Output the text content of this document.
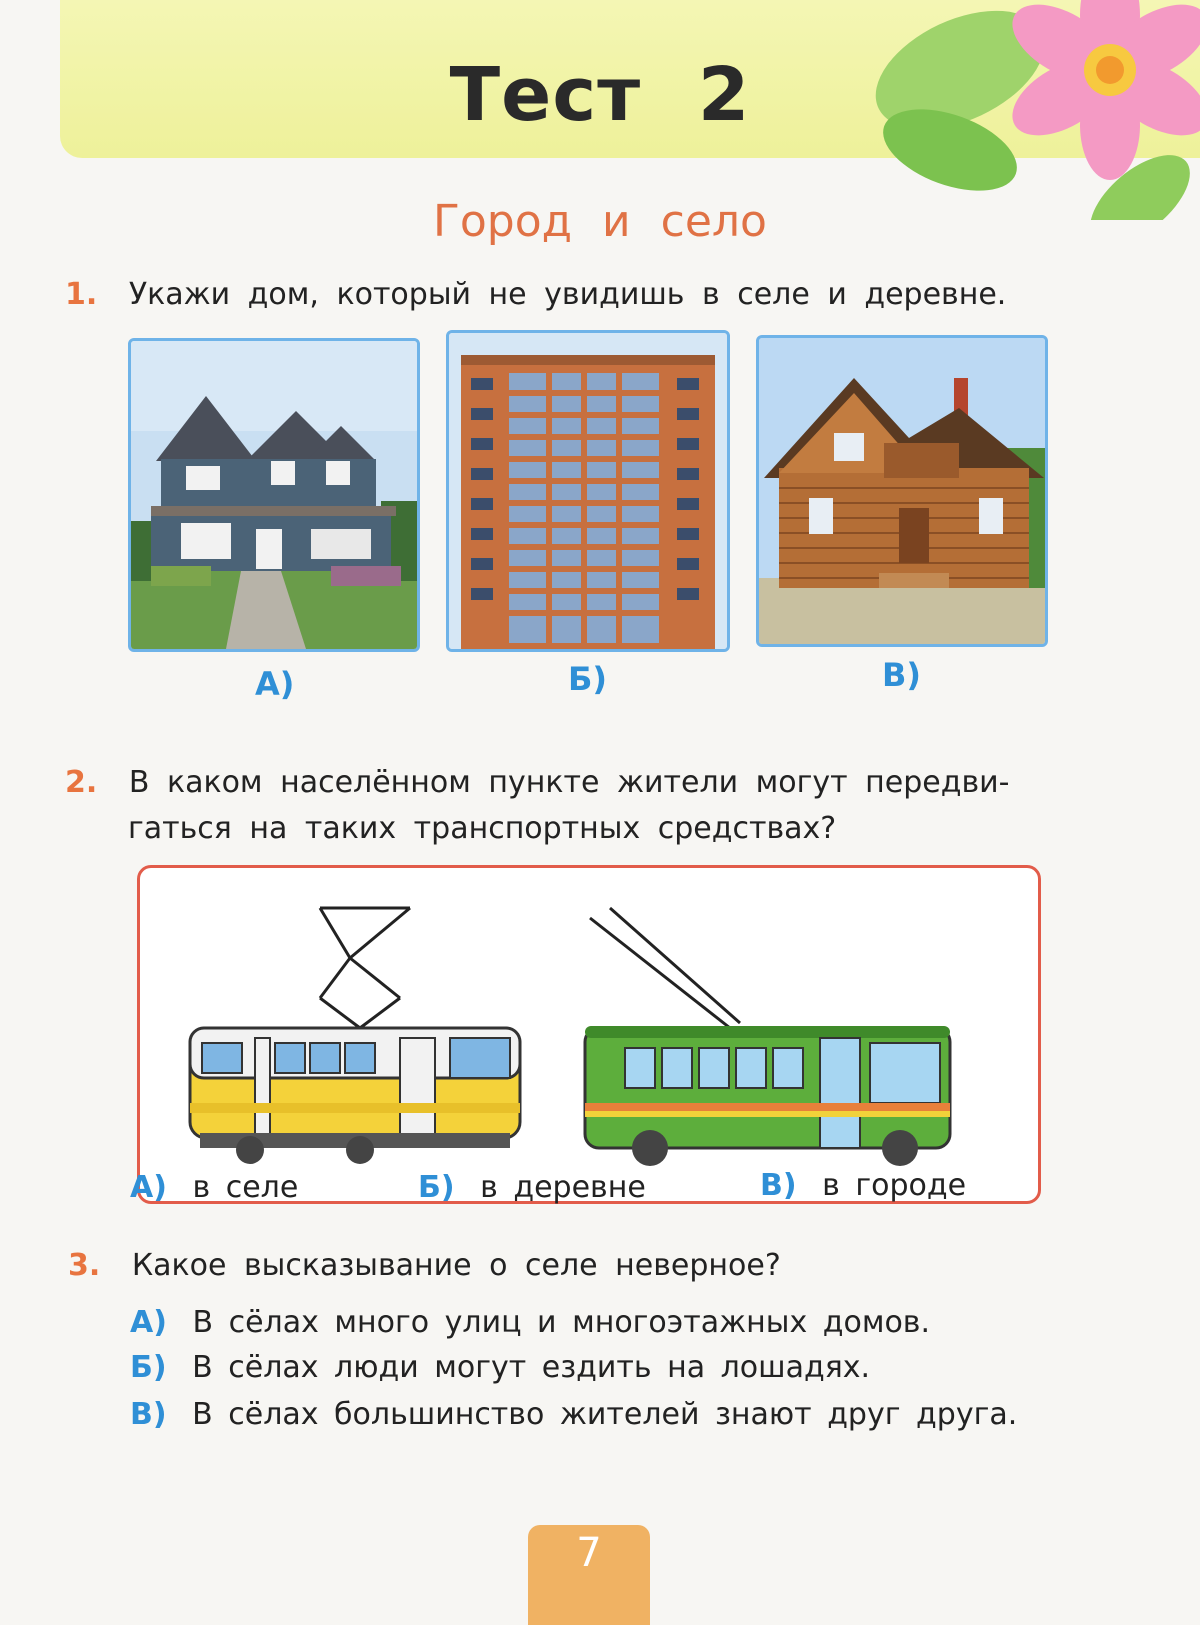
Тест 2
Город и село
1. Укажи дом, который не увидишь в селе и деревне.
А)	Б)	В)
2. В каком населённом пункте жители могут передви-
гаться на таких транспортных средствах?
А) в селе	Б) в деревне	В) в городе
3. Какое высказывание о селе неверное?
А) В сёлах много улиц и многоэтажных домов.
Б) В сёлах люди могут ездить на лошадях.
В) В сёлах большинство жителей знают друг друга.
7
